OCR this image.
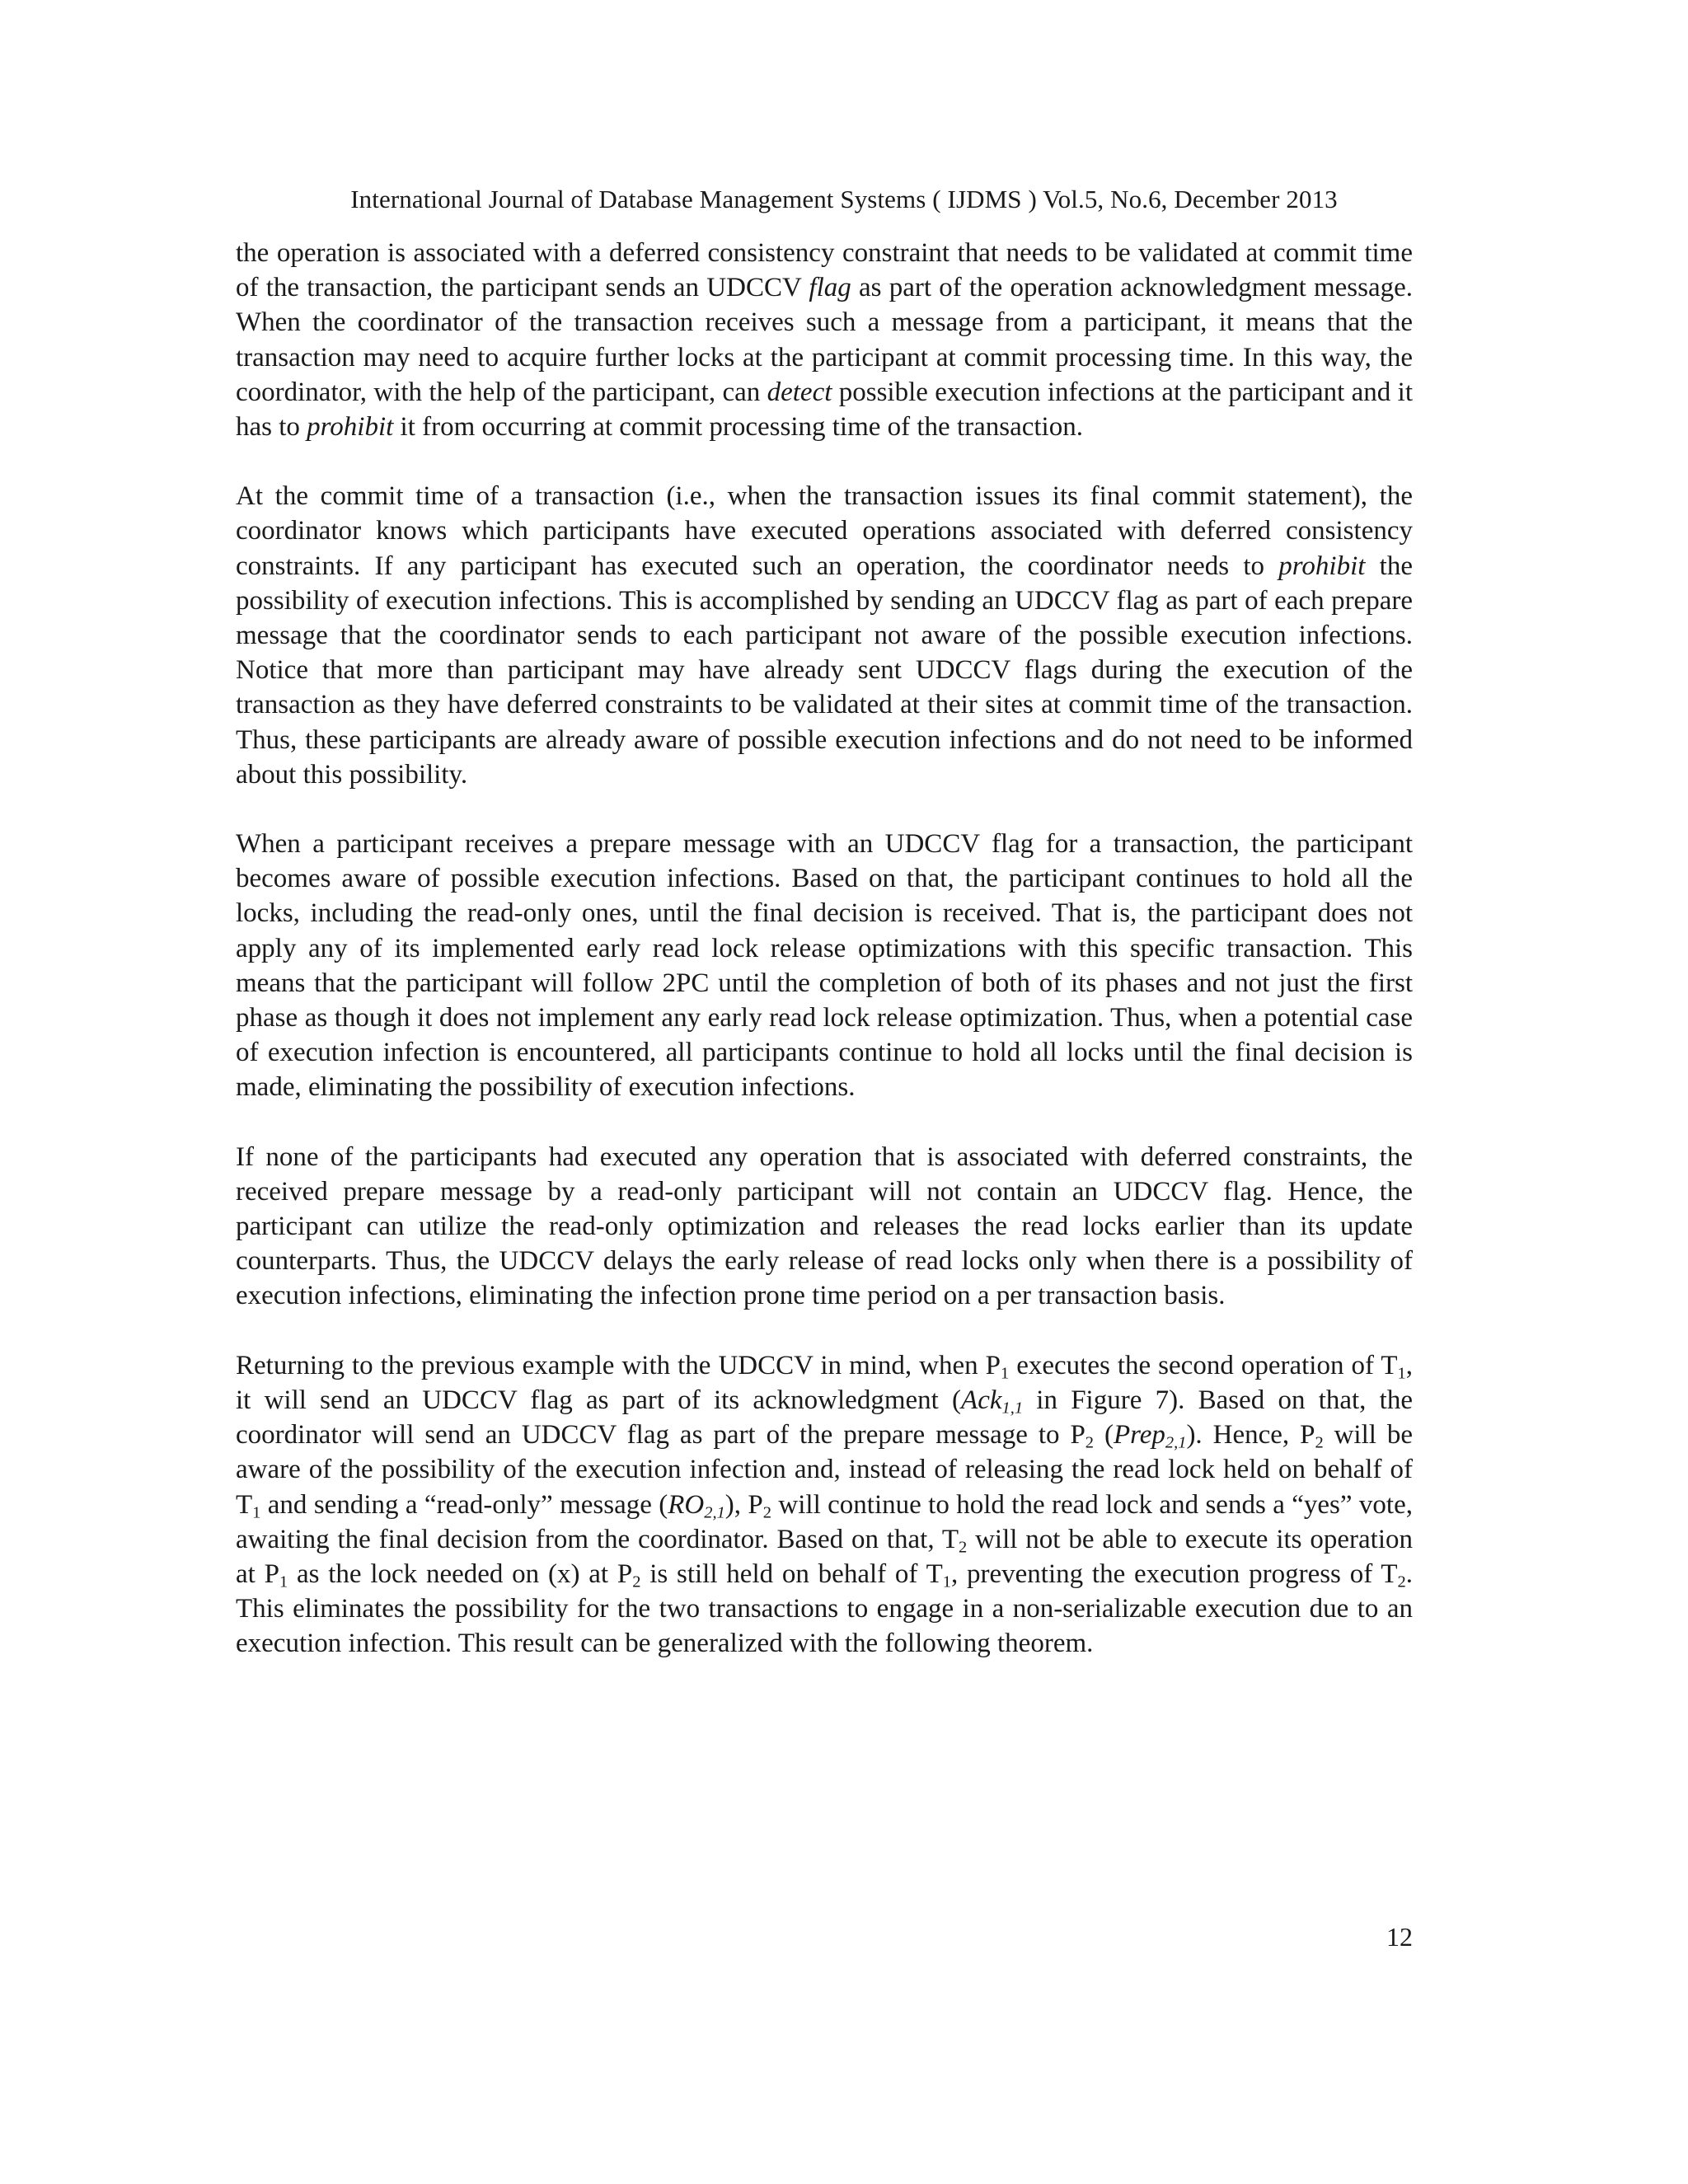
International Journal of Database Management Systems ( IJDMS ) Vol.5, No.6, December 2013

the operation is associated with a deferred consistency constraint that needs to be validated at commit time of the transaction, the participant sends an UDCCV flag as part of the operation acknowledgment message. When the coordinator of the transaction receives such a message from a participant, it means that the transaction may need to acquire further locks at the participant at commit processing time. In this way, the coordinator, with the help of the participant, can detect possible execution infections at the participant and it has to prohibit it from occurring at commit processing time of the transaction.

At the commit time of a transaction (i.e., when the transaction issues its final commit statement), the coordinator knows which participants have executed operations associated with deferred consistency constraints. If any participant has executed such an operation, the coordinator needs to prohibit the possibility of execution infections. This is accomplished by sending an UDCCV flag as part of each prepare message that the coordinator sends to each participant not aware of the possible execution infections. Notice that more than participant may have already sent UDCCV flags during the execution of the transaction as they have deferred constraints to be validated at their sites at commit time of the transaction. Thus, these participants are already aware of possible execution infections and do not need to be informed about this possibility.

When a participant receives a prepare message with an UDCCV flag for a transaction, the participant becomes aware of possible execution infections. Based on that, the participant continues to hold all the locks, including the read-only ones, until the final decision is received. That is, the participant does not apply any of its implemented early read lock release optimizations with this specific transaction. This means that the participant will follow 2PC until the completion of both of its phases and not just the first phase as though it does not implement any early read lock release optimization. Thus, when a potential case of execution infection is encountered, all participants continue to hold all locks until the final decision is made, eliminating the possibility of execution infections.

If none of the participants had executed any operation that is associated with deferred constraints, the received prepare message by a read-only participant will not contain an UDCCV flag. Hence, the participant can utilize the read-only optimization and releases the read locks earlier than its update counterparts. Thus, the UDCCV delays the early release of read locks only when there is a possibility of execution infections, eliminating the infection prone time period on a per transaction basis.

Returning to the previous example with the UDCCV in mind, when $P_1$ executes the second operation of $T_1$, it will send an UDCCV flag as part of its acknowledgment (Ack$_{1,1}$ in Figure 7). Based on that, the coordinator will send an UDCCV flag as part of the prepare message to $P_2$ (Prep$_{2,1}$). Hence, $P_2$ will be aware of the possibility of the execution infection and, instead of releasing the read lock held on behalf of $T_1$ and sending a “read-only” message $(RO_{2,1})$, $P_2$ will continue to hold the read lock and sends a “yes” vote, awaiting the final decision from the coordinator. Based on that, $T_2$ will not be able to execute its operation at $P_1$ as the lock needed on (x) at $P_2$ is still held on behalf of $T_1$, preventing the execution progress of $T_2$. This eliminates the possibility for the two transactions to engage in a non-serializable execution due to an execution infection. This result can be generalized with the following theorem.

12
